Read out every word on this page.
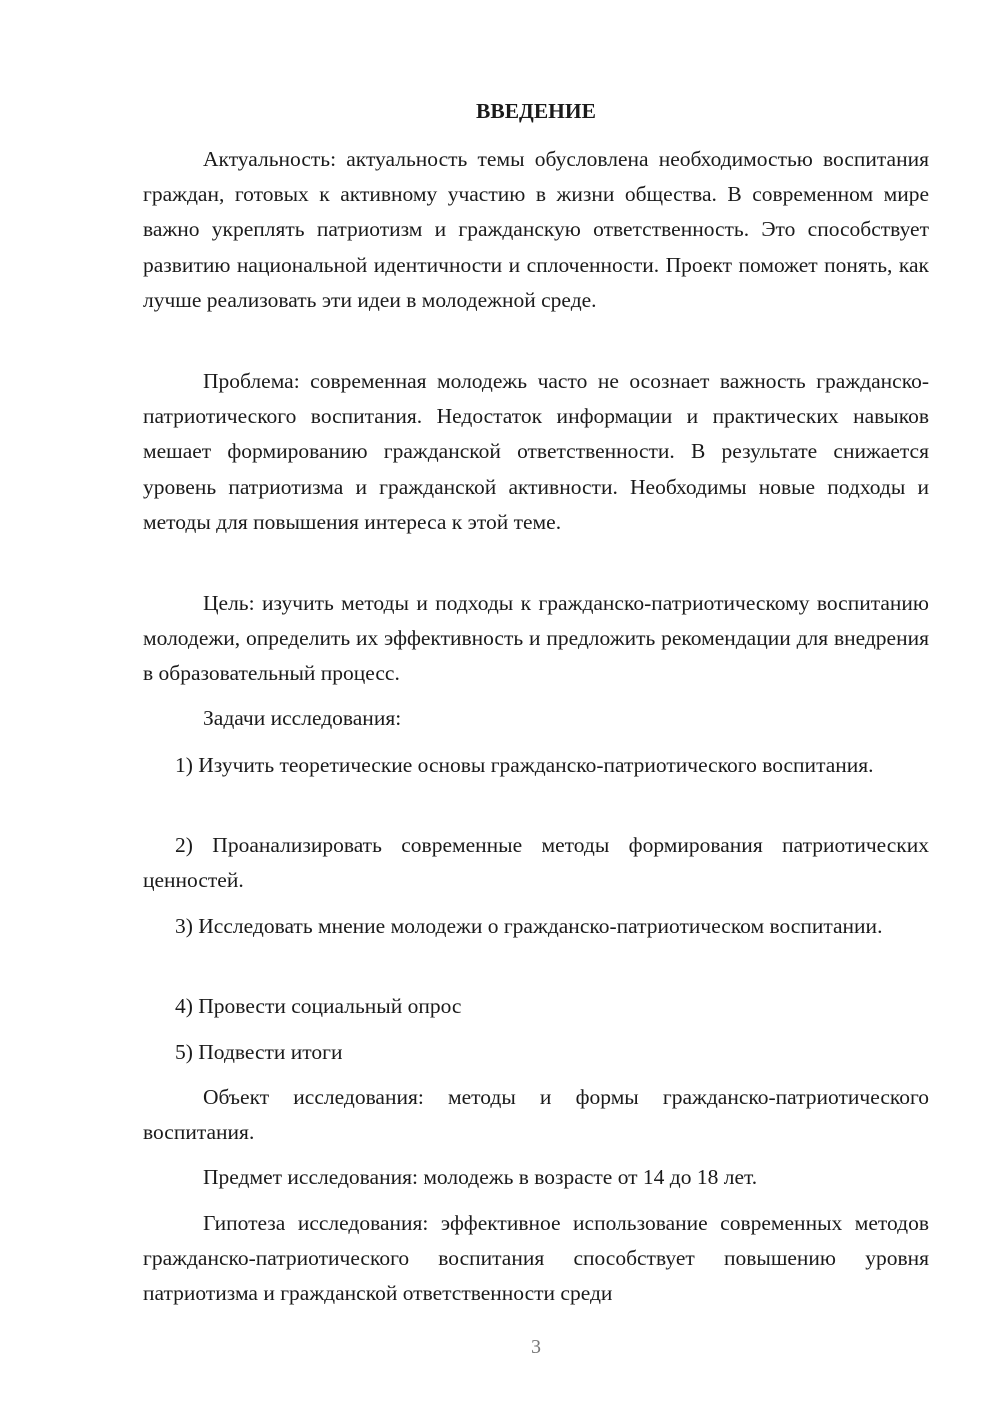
ВВЕДЕНИЕ

Актуальность: актуальность темы обусловлена необходимостью воспитания граждан, готовых к активному участию в жизни общества. В современном мире важно укреплять патриотизм и гражданскую ответственность. Это способствует развитию национальной идентичности и сплоченности. Проект поможет понять, как лучше реализовать эти идеи в молодежной среде.

Проблема: современная молодежь часто не осознает важность гражданско-патриотического воспитания. Недостаток информации и практических навыков мешает формированию гражданской ответственности. В результате снижается уровень патриотизма и гражданской активности. Необходимы новые подходы и методы для повышения интереса к этой теме.

Цель: изучить методы и подходы к гражданско-патриотическому воспитанию молодежи, определить их эффективность и предложить рекомендации для внедрения в образовательный процесс.

Задачи исследования:

1) Изучить теоретические основы гражданско-патриотического воспитания.

2) Проанализировать современные методы формирования патриотических ценностей.

3) Исследовать мнение молодежи о гражданско-патриотическом воспитании.

4) Провести социальный опрос

5) Подвести итоги

Объект исследования: методы и формы гражданско-патриотического воспитания.

Предмет исследования: молодежь в возрасте от 14 до 18 лет.

Гипотеза исследования: эффективное использование современных методов гражданско-патриотического воспитания способствует повышению уровня патриотизма и гражданской ответственности среди

3
